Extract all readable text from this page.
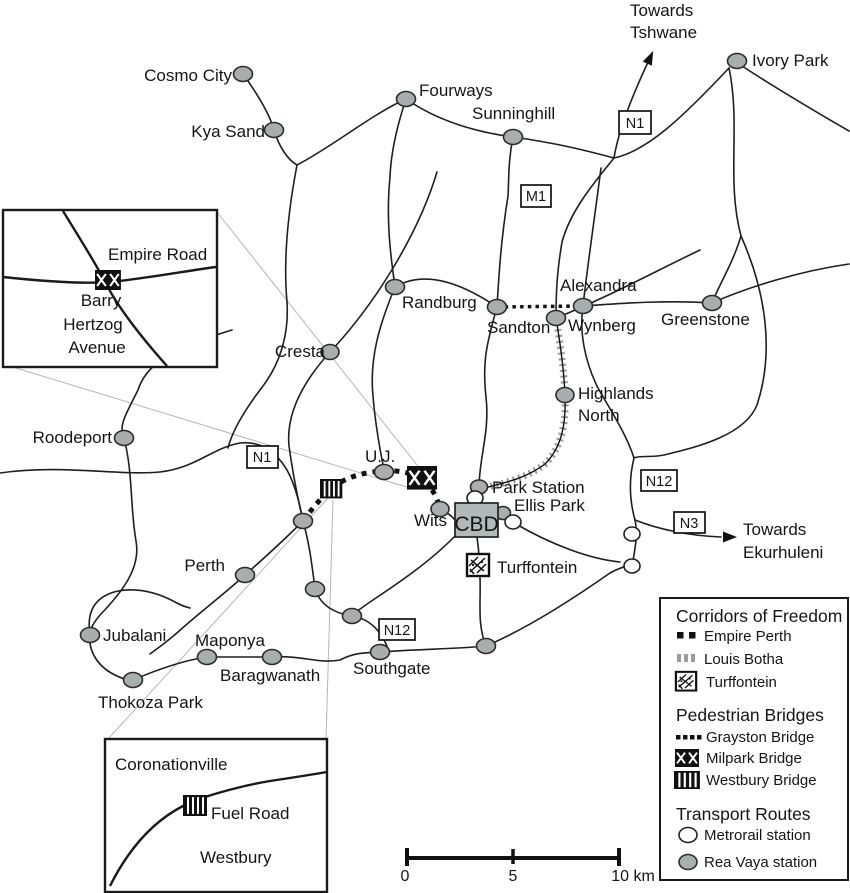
N1
M1
N1
N12
N3
N12
CBD
Towards
Tshwane
Cosmo City
Ivory Park
Fourways
Sunninghill
Kya Sand
Alexandra
Randburg
Sandton Wynberg Greenstone
Cresta
Highlands
North
Roodeport
U.J.
Park Station
Ellis Park
Wits
Turffontein
Towards
Ekurhuleni
Perth
Jubalani Maponya
Baragwanath Southgate
Thokoza Park
Empire Road
Barry
Hertzog
Avenue
Coronationville
Fuel Road
Westbury
Corridors of Freedom
Empire Perth
Louis Botha
Turffontein
Pedestrian Bridges
Grayston Bridge
Milpark Bridge
Westbury Bridge
Transport Routes
Metrorail station
Rea Vaya station
0	5	10 km
